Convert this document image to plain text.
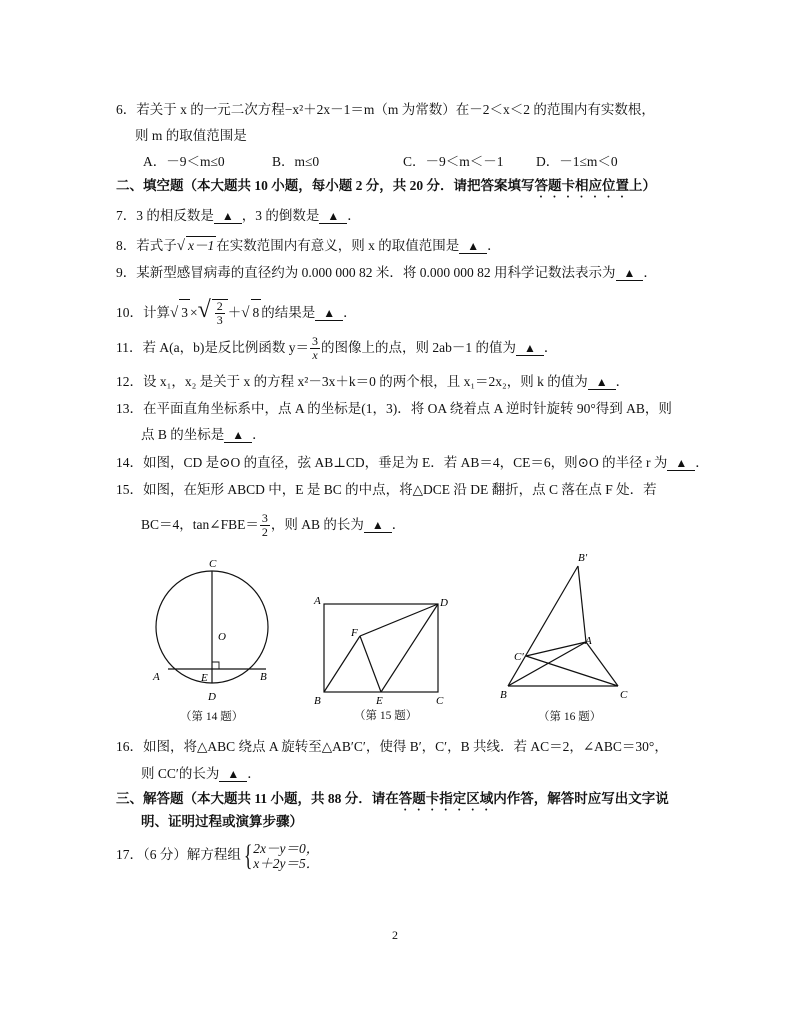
6．若关于 x 的一元二次方程−x²＋2x－1＝m（m 为常数）在－2＜x＜2 的范围内有实数根，
则 m 的取值范围是
A．－9＜m≤0	B．m≤0	C．－9＜m＜－1 D．－1≤m＜0
二、填空题（本大题共 10 小题，每小题 2 分，共 20 分．请把答案填写答题卡相应位置上）
7．3 的相反数是 ▲ ，3 的倒数是 ▲ ．
8．若式子√ x－1 在实数范围内有意义，则 x 的取值范围是 ▲ ．
9．某新型感冒病毒的直径约为 0.000 000 82 米．将 0.000 000 82 用科学记数法表示为 ▲ ．
10．计算√ 3 ×√ $\frac{2}{3}$ ＋√ 8 的结果是 ▲ ．
11．若 A(a，b)是反比例函数 $y= \frac{3}{x}$ 的图像上的点，则 2ab－1 的值为 ▲ ．
12．设 x₁，x₂ 是关于 x 的方程 x²－3x＋k＝0 的两个根，且 x₁＝2x₂，则 k 的值为 ▲ ．
13．在平面直角坐标系中，点 A 的坐标是(1，3)．将 OA 绕着点 A 逆时针旋转 90°得到 AB，则
点 B 的坐标是 ▲ ．
14．如图，CD 是⊙O 的直径，弦 AB⊥CD，垂足为 E．若 AB＝4，CE＝6，则⊙O 的半径 r 为 ▲ ．
15．如图，在矩形 ABCD 中，E 是 BC 的中点，将△DCE 沿 DE 翻折，点 C 落在点 F 处．若
BC＝4，tan∠FBE＝ $\frac{3}{2}$ ，则 AB 的长为 ▲ ．
C
O
A	E	B
D
（第 14 题）
A	D
F
B	E	C
（第 15 题）
B′
A
C′
B	C
（第 16 题）
16．如图，将△ABC 绕点 A 旋转至△AB′C′，使得 B′，C′，B 共线．若 AC＝2，∠ABC＝30°，
则 CC′的长为 ▲ ．
三、解答题（本大题共 11 小题，共 88 分．请在答题卡指定区域内作答，解答时应写出文字说
明、证明过程或演算步骤）
17．（6 分）解方程组{ 2x－y＝0，
x＋2y＝5．
2
